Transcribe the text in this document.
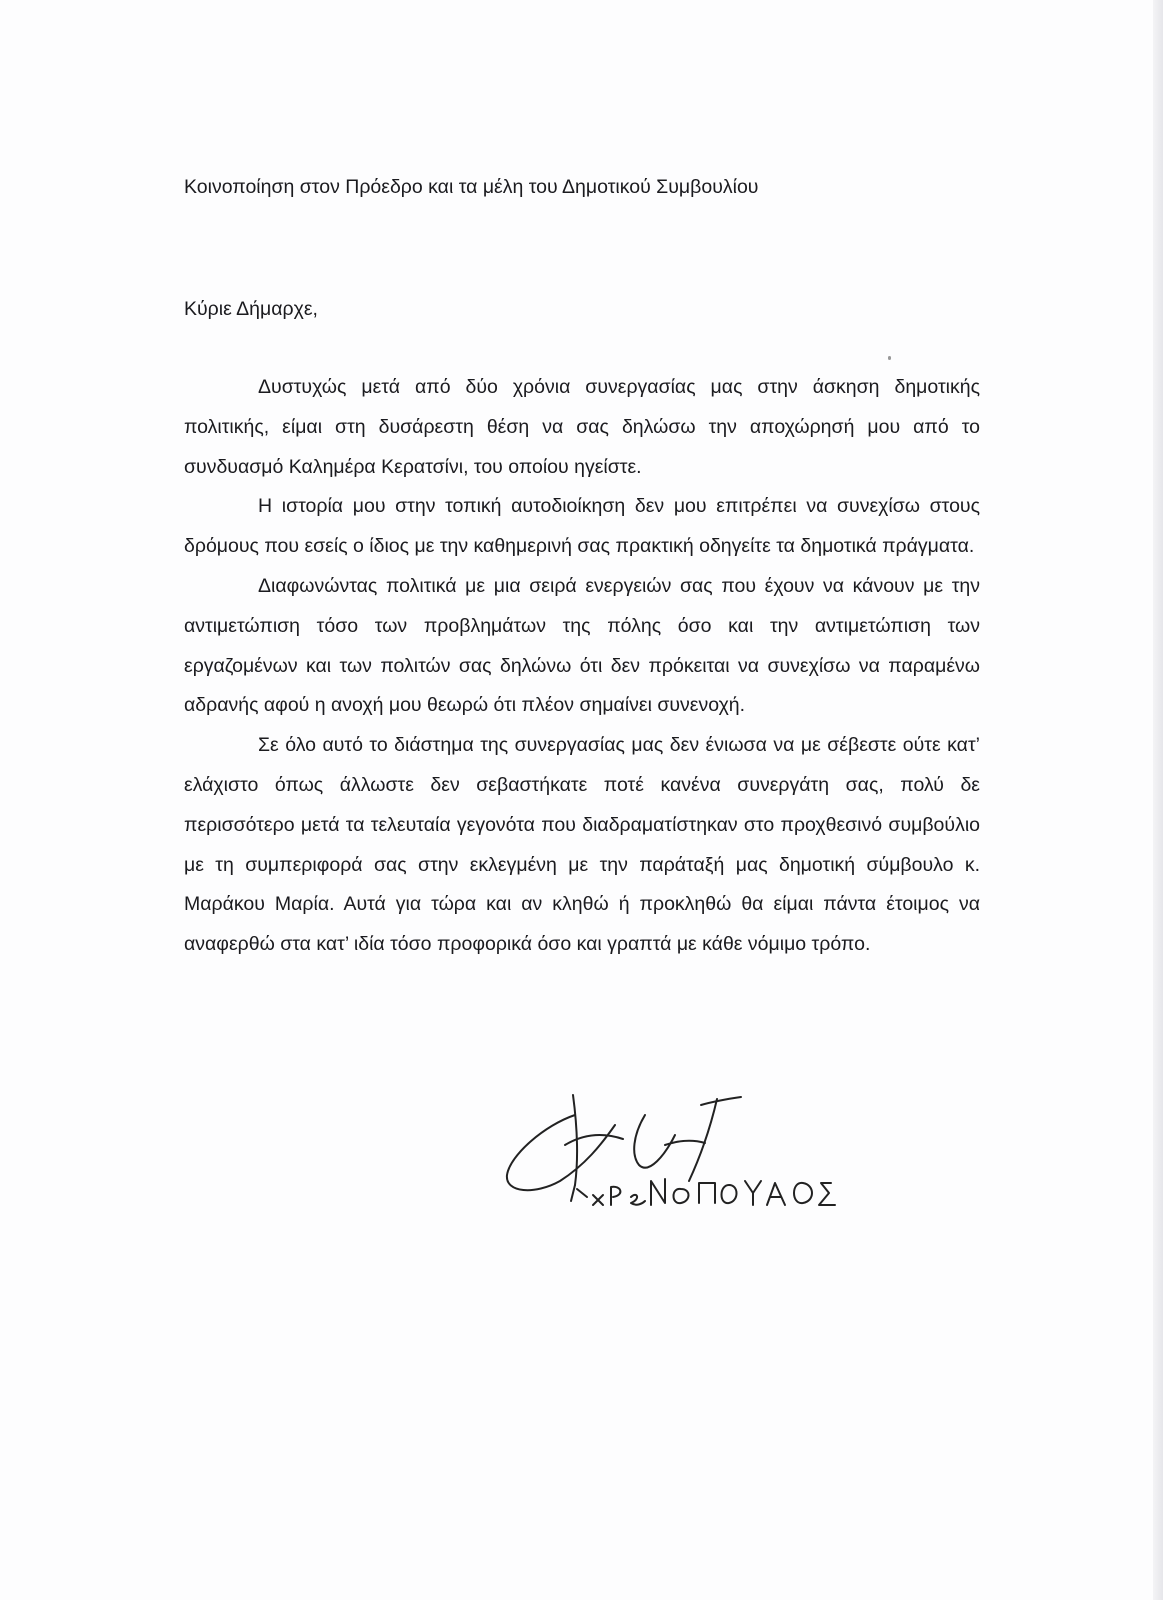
Κοινοποίηση στον Πρόεδρο και τα μέλη του Δημοτικού Συμβουλίου
Κύριε Δήμαρχε,

Δυστυχώς μετά από δύο χρόνια συνεργασίας μας στην άσκηση δημοτικής πολιτικής, είμαι στη δυσάρεστη θέση να σας δηλώσω την αποχώρησή μου από το συνδυασμό Καλημέρα Κερατσίνι, του οποίου ηγείστε.

Η ιστορία μου στην τοπική αυτοδιοίκηση δεν μου επιτρέπει να συνεχίσω στους δρόμους που εσείς ο ίδιος με την καθημερινή σας πρακτική οδηγείτε τα δημοτικά πράγματα.

Διαφωνώντας πολιτικά με μια σειρά ενεργειών σας που έχουν να κάνουν με την αντιμετώπιση τόσο των προβλημάτων της πόλης όσο και την αντιμετώπιση των εργαζομένων και των πολιτών σας δηλώνω ότι δεν πρόκειται να συνεχίσω να παραμένω αδρανής αφού η ανοχή μου θεωρώ ότι πλέον σημαίνει συνενοχή.

Σε όλο αυτό το διάστημα της συνεργασίας μας δεν ένιωσα να με σέβεστε ούτε κατ’ ελάχιστο όπως άλλωστε δεν σεβαστήκατε ποτέ κανένα συνεργάτη σας, πολύ δε περισσότερο μετά τα τελευταία γεγονότα που διαδραματίστηκαν στο προχθεσινό συμβούλιο με τη συμπεριφορά σας στην εκλεγμένη με την παράταξή μας δημοτική σύμβουλο κ. Μαράκου Μαρία. Αυτά για τώρα και αν κληθώ ή προκληθώ θα είμαι πάντα έτοιμος να αναφερθώ στα κατ’ ιδία τόσο προφορικά όσο και γραπτά με κάθε νόμιμο τρόπο.
